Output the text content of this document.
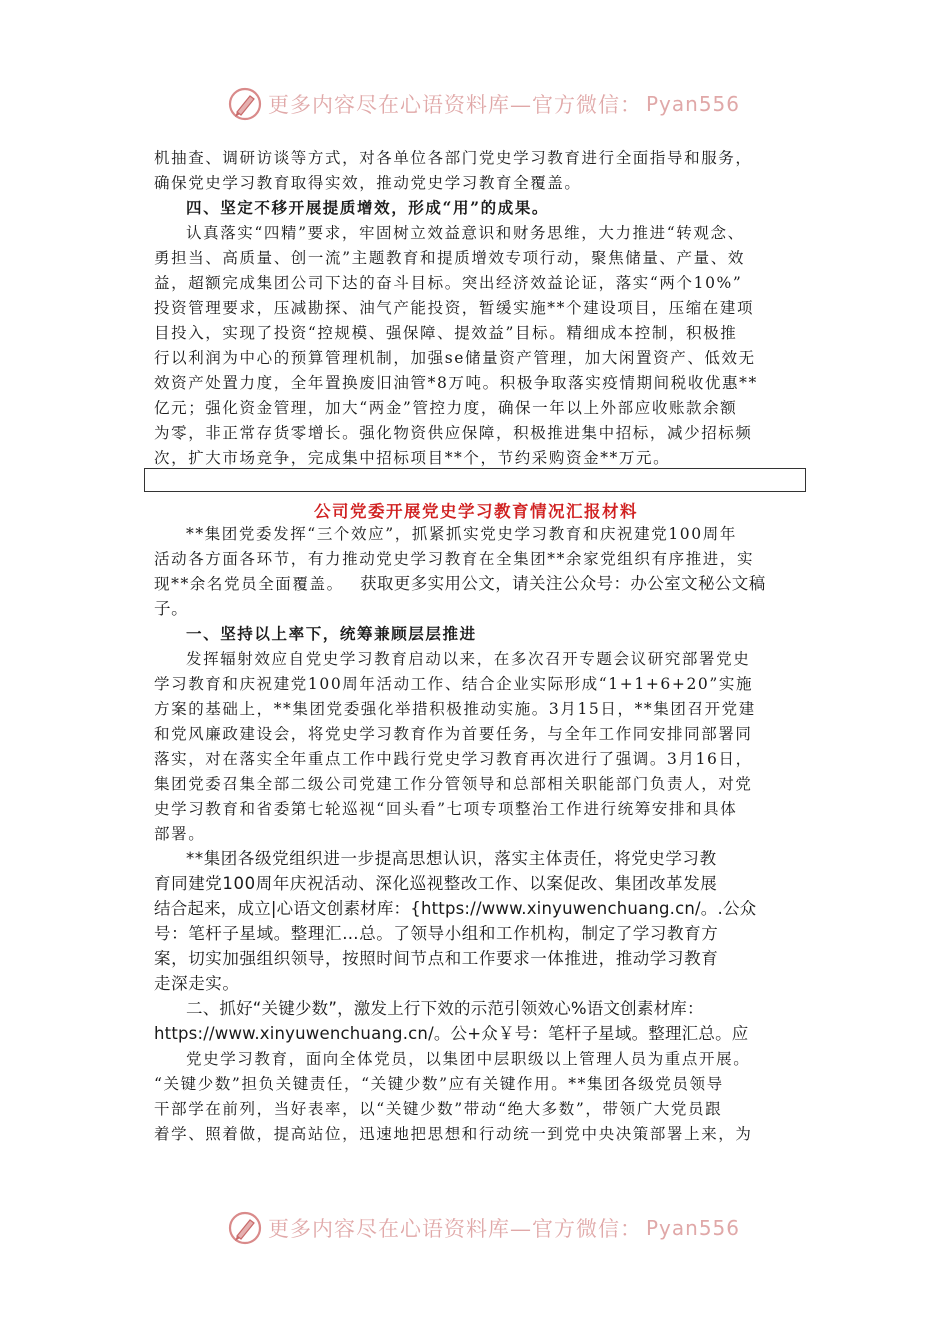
更多内容尽在心语资料库—官方微信： Pyan556
机抽查、调研访谈等方式，对各单位各部门党史学习教育进行全面指导和服务，
确保党史学习教育取得实效，推动党史学习教育全覆盖。
四、坚定不移开展提质增效，形成“用”的成果。
认真落实“四精”要求，牢固树立效益意识和财务思维，大力推进“转观念、
勇担当、高质量、创一流”主题教育和提质增效专项行动，聚焦储量、产量、效
益，超额完成集团公司下达的奋斗目标。突出经济效益论证，落实“两个10%”
投资管理要求，压减勘探、油气产能投资，暂缓实施**个建设项目，压缩在建项
目投入，实现了投资“控规模、强保障、提效益”目标。精细成本控制，积极推
行以利润为中心的预算管理机制，加强se储量资产管理，加大闲置资产、低效无
效资产处置力度，全年置换废旧油管*8万吨。积极争取落实疫情期间税收优惠**
亿元；强化资金管理，加大“两金”管控力度，确保一年以上外部应收账款余额
为零，非正常存货零增长。强化物资供应保障，积极推进集中招标，减少招标频
次，扩大市场竞争，完成集中招标项目**个，节约采购资金**万元。
公司党委开展党史学习教育情况汇报材料
**集团党委发挥“三个效应”，抓紧抓实党史学习教育和庆祝建党100周年
活动各方面各环节，有力推动党史学习教育在全集团**余家党组织有序推进，实
现**余名党员全面覆盖。 获取更多实用公文，请关注公众号：办公室文秘公文稿
子。
一、坚持以上率下，统筹兼顾层层推进
发挥辐射效应自党史学习教育启动以来，在多次召开专题会议研究部署党史
学习教育和庆祝建党100周年活动工作、结合企业实际形成“1+1+6+20”实施
方案的基础上，**集团党委强化举措积极推动实施。3月15日，**集团召开党建
和党风廉政建设会，将党史学习教育作为首要任务，与全年工作同安排同部署同
落实，对在落实全年重点工作中践行党史学习教育再次进行了强调。3月16日，
集团党委召集全部二级公司党建工作分管领导和总部相关职能部门负责人，对党
史学习教育和省委第七轮巡视“回头看”七项专项整治工作进行统筹安排和具体
部署。
**集团各级党组织进一步提高思想认识，落实主体责任，将党史学习教
育同建党100周年庆祝活动、深化巡视整改工作、以案促改、集团改革发展
结合起来，成立|心语文创素材库：{https://www.xinyuwenchuang.cn/。.公众
号：笔杆子星域。整理汇…总。了领导小组和工作机构，制定了学习教育方
案，切实加强组织领导，按照时间节点和工作要求一体推进，推动学习教育
走深走实。
二、抓好“关键少数”，激发上行下效的示范引领效心%语文创素材库：
https://www.xinyuwenchuang.cn/。公+众￥号：笔杆子星域。整理汇总。应
党史学习教育，面向全体党员，以集团中层职级以上管理人员为重点开展。
“关键少数”担负关键责任，“关键少数”应有关键作用。**集团各级党员领导
干部学在前列，当好表率，以“关键少数”带动“绝大多数”，带领广大党员跟
着学、照着做，提高站位，迅速地把思想和行动统一到党中央决策部署上来，为
更多内容尽在心语资料库—官方微信： Pyan556
